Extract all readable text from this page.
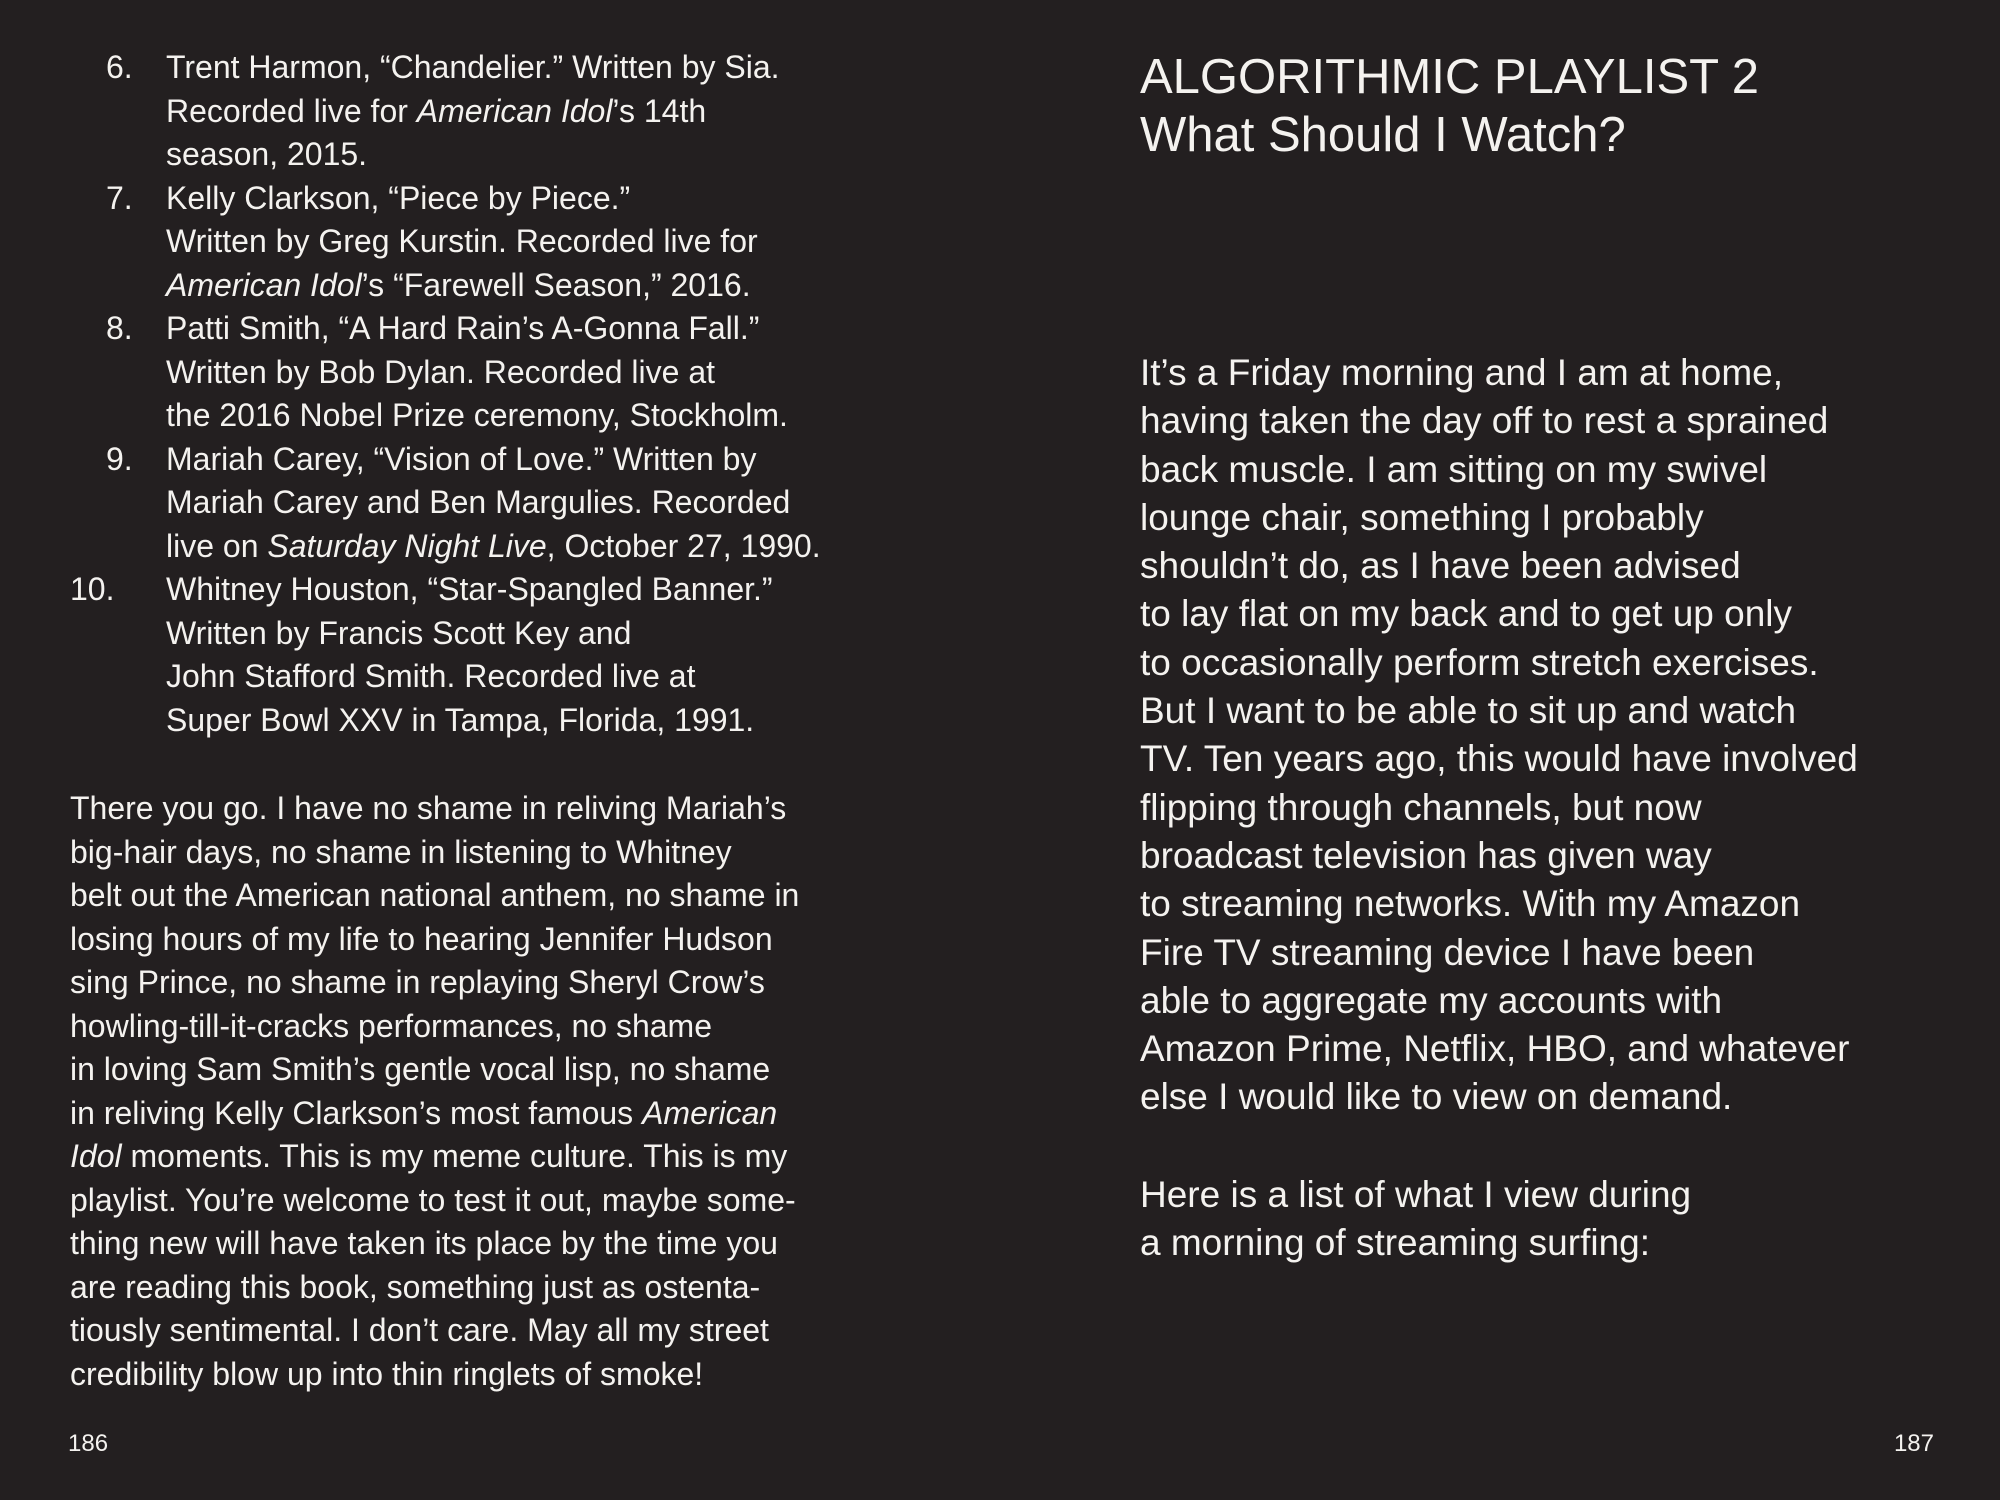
6. Trent Harmon, “Chandelier.” Written by Sia.
Recorded live for American Idol’s 14th
season, 2015.
7. Kelly Clarkson, “Piece by Piece.”
Written by Greg Kurstin. Recorded live for
American Idol’s “Farewell Season,” 2016.
8. Patti Smith, “A Hard Rain’s A-Gonna Fall.”
Written by Bob Dylan. Recorded live at
the 2016 Nobel Prize ceremony, Stockholm.
9. Mariah Carey, “Vision of Love.” Written by
Mariah Carey and Ben Margulies. Recorded
live on Saturday Night Live, October 27, 1990.
10. Whitney Houston, “Star-Spangled Banner.”
Written by Francis Scott Key and
John Stafford Smith. Recorded live at
Super Bowl XXV in Tampa, Florida, 1991.

There you go. I have no shame in reliving Mariah’s
big-hair days, no shame in listening to Whitney
belt out the American national anthem, no shame in
losing hours of my life to hearing Jennifer Hudson
sing Prince, no shame in replaying Sheryl Crow’s
howling-till-it-cracks performances, no shame
in loving Sam Smith’s gentle vocal lisp, no shame
in reliving Kelly Clarkson’s most famous American
Idol moments. This is my meme culture. This is my
playlist. You’re welcome to test it out, maybe some-
thing new will have taken its place by the time you
are reading this book, something just as ostenta-
tiously sentimental. I don’t care. May all my street
credibility blow up into thin ringlets of smoke!

186
ALGORITHMIC PLAYLIST 2
What Should I Watch?

It’s a Friday morning and I am at home,
having taken the day off to rest a sprained
back muscle. I am sitting on my swivel
lounge chair, something I probably
shouldn’t do, as I have been advised
to lay flat on my back and to get up only
to occasionally perform stretch exercises.
But I want to be able to sit up and watch
TV. Ten years ago, this would have involved
flipping through channels, but now
broadcast television has given way
to streaming networks. With my Amazon
Fire TV streaming device I have been
able to aggregate my accounts with
Amazon Prime, Netflix, HBO, and whatever
else I would like to view on demand.

Here is a list of what I view during
a morning of streaming surfing:

187
